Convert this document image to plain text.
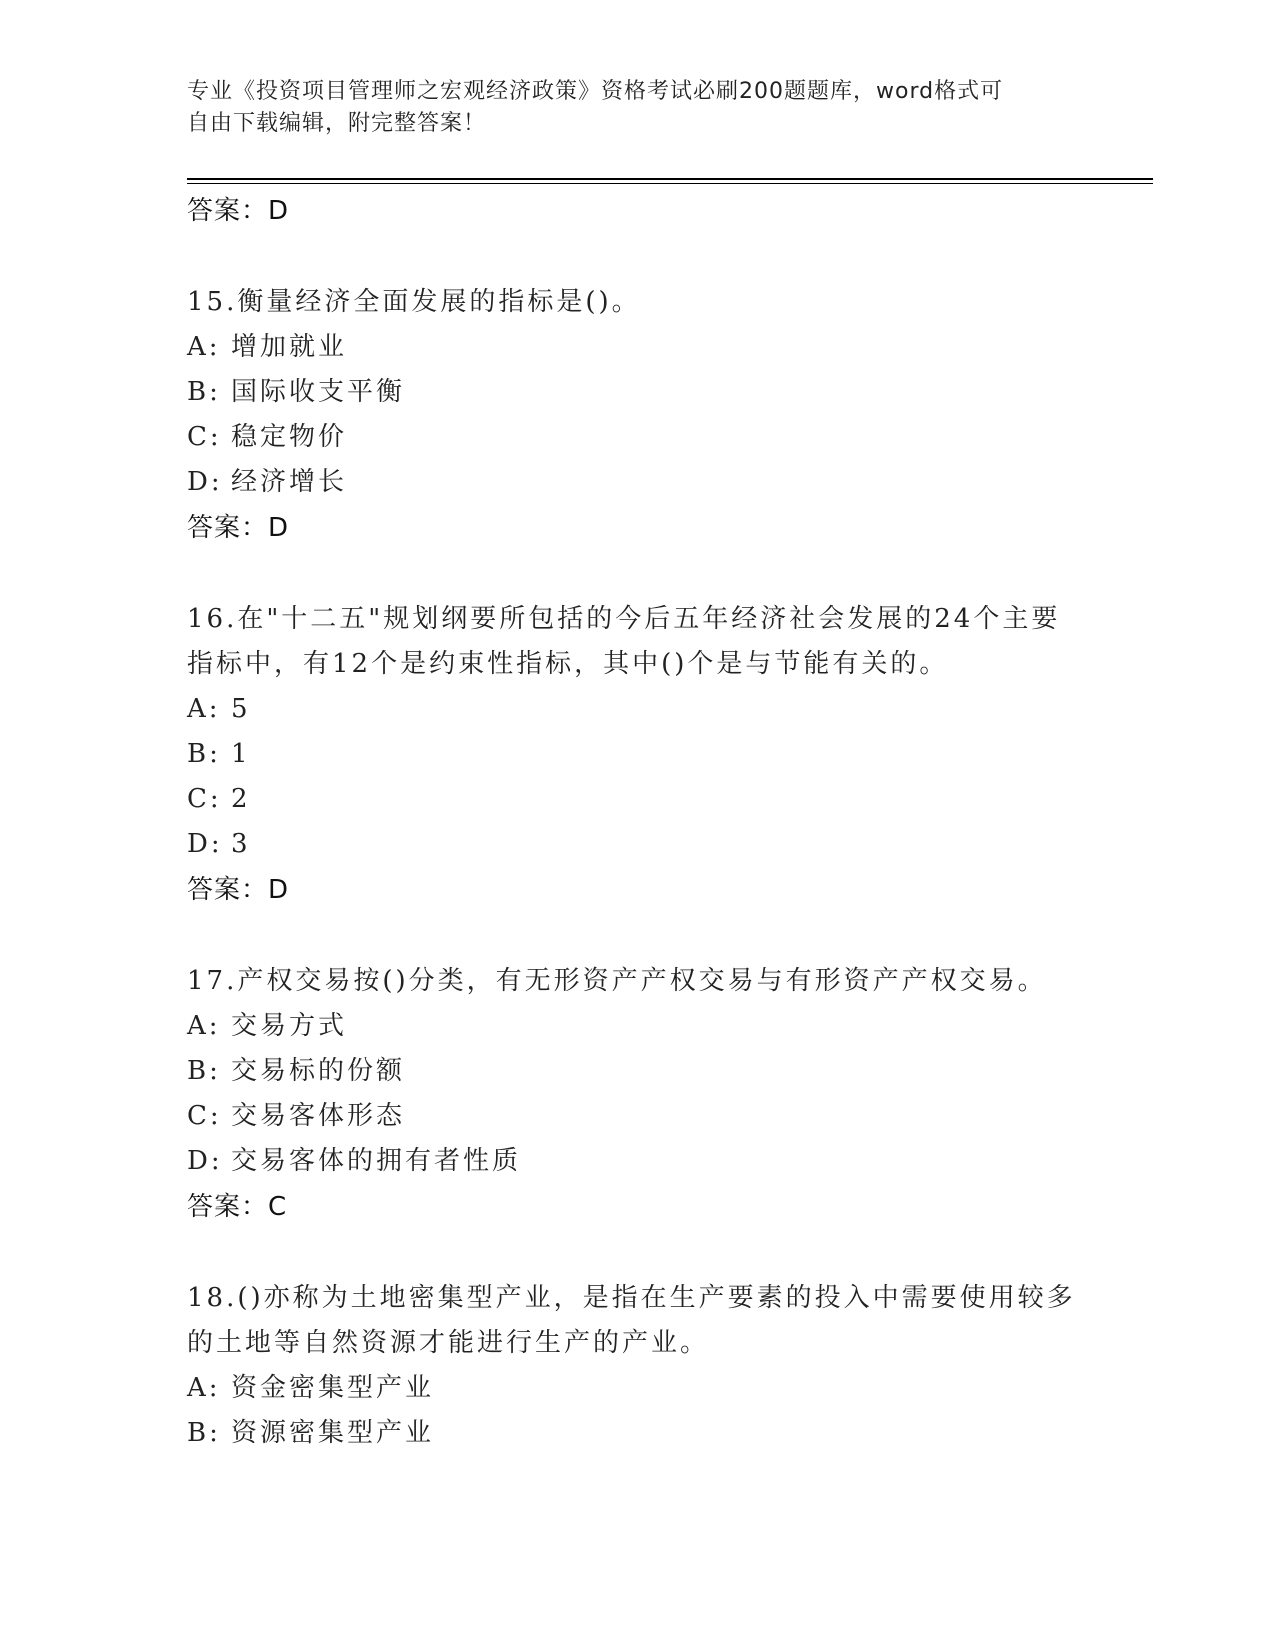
专业《投资项目管理师之宏观经济政策》资格考试必刷200题题库，word格式可
自由下载编辑，附完整答案！
答案：D
15.衡量经济全面发展的指标是()。
A: 增加就业
B: 国际收支平衡
C: 稳定物价
D: 经济增长
答案：D
16.在"十二五"规划纲要所包括的今后五年经济社会发展的24个主要
指标中，有12个是约束性指标，其中()个是与节能有关的。
A: 5
B: 1
C: 2
D: 3
答案：D
17.产权交易按()分类，有无形资产产权交易与有形资产产权交易。
A: 交易方式
B: 交易标的份额
C: 交易客体形态
D: 交易客体的拥有者性质
答案：C
18.()亦称为土地密集型产业，是指在生产要素的投入中需要使用较多
的土地等自然资源才能进行生产的产业。
A: 资金密集型产业
B: 资源密集型产业
